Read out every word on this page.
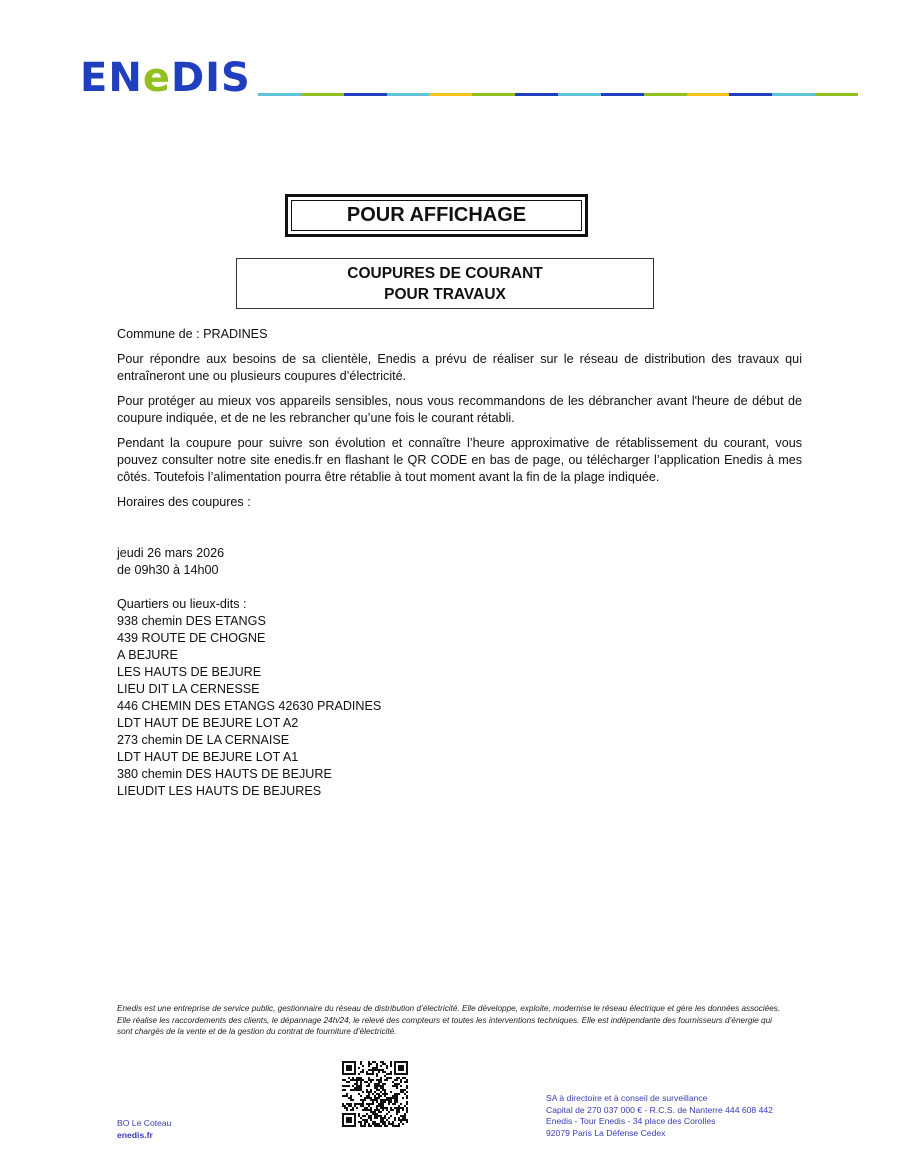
ENeDIS
POUR AFFICHAGE
COUPURES DE COURANT
POUR TRAVAUX

Commune de : PRADINES

Pour répondre aux besoins de sa clientèle, Enedis a prévu de réaliser sur le réseau de distribution des travaux qui entraîneront une ou plusieurs coupures d’électricité.

Pour protéger au mieux vos appareils sensibles, nous vous recommandons de les débrancher avant l'heure de début de coupure indiquée, et de ne les rebrancher qu’une fois le courant rétabli.

Pendant la coupure pour suivre son évolution et connaître l’heure approximative de rétablissement du courant, vous pouvez consulter notre site enedis.fr en flashant le QR CODE en bas de page, ou télécharger l’application Enedis à mes côtés. Toutefois l’alimentation pourra être rétablie à tout moment avant la fin de la plage indiquée.

Horaires des coupures :

jeudi 26 mars 2026
de 09h30 à 14h00
Quartiers ou lieux-dits :
938 chemin DES ETANGS
439 ROUTE DE CHOGNE
A BEJURE
LES HAUTS DE BEJURE
LIEU DIT LA CERNESSE
446 CHEMIN DES ETANGS 42630 PRADINES
LDT HAUT DE BEJURE LOT A2
273 chemin DE LA CERNAISE
LDT HAUT DE BEJURE LOT A1
380 chemin DES HAUTS DE BEJURE
LIEUDIT LES HAUTS DE BEJURES
Enedis est une entreprise de service public, gestionnaire du réseau de distribution d’électricité. Elle développe, exploite, modernise le réseau électrique et gère les données associées. Elle réalise les raccordements des clients, le dépannage 24h/24, le relevé des compteurs et toutes les interventions techniques. Elle est indépendante des fournisseurs d’énergie qui sont chargés de la vente et de la gestion du contrat de fourniture d’électricité.
BO Le Coteau
enedis.fr
SA à directoire et à conseil de surveillance
Capital de 270 037 000 € - R.C.S. de Nanterre 444 608 442
Enedis - Tour Enedis - 34 place des Corolles
92079 Paris La Défense Cedex
